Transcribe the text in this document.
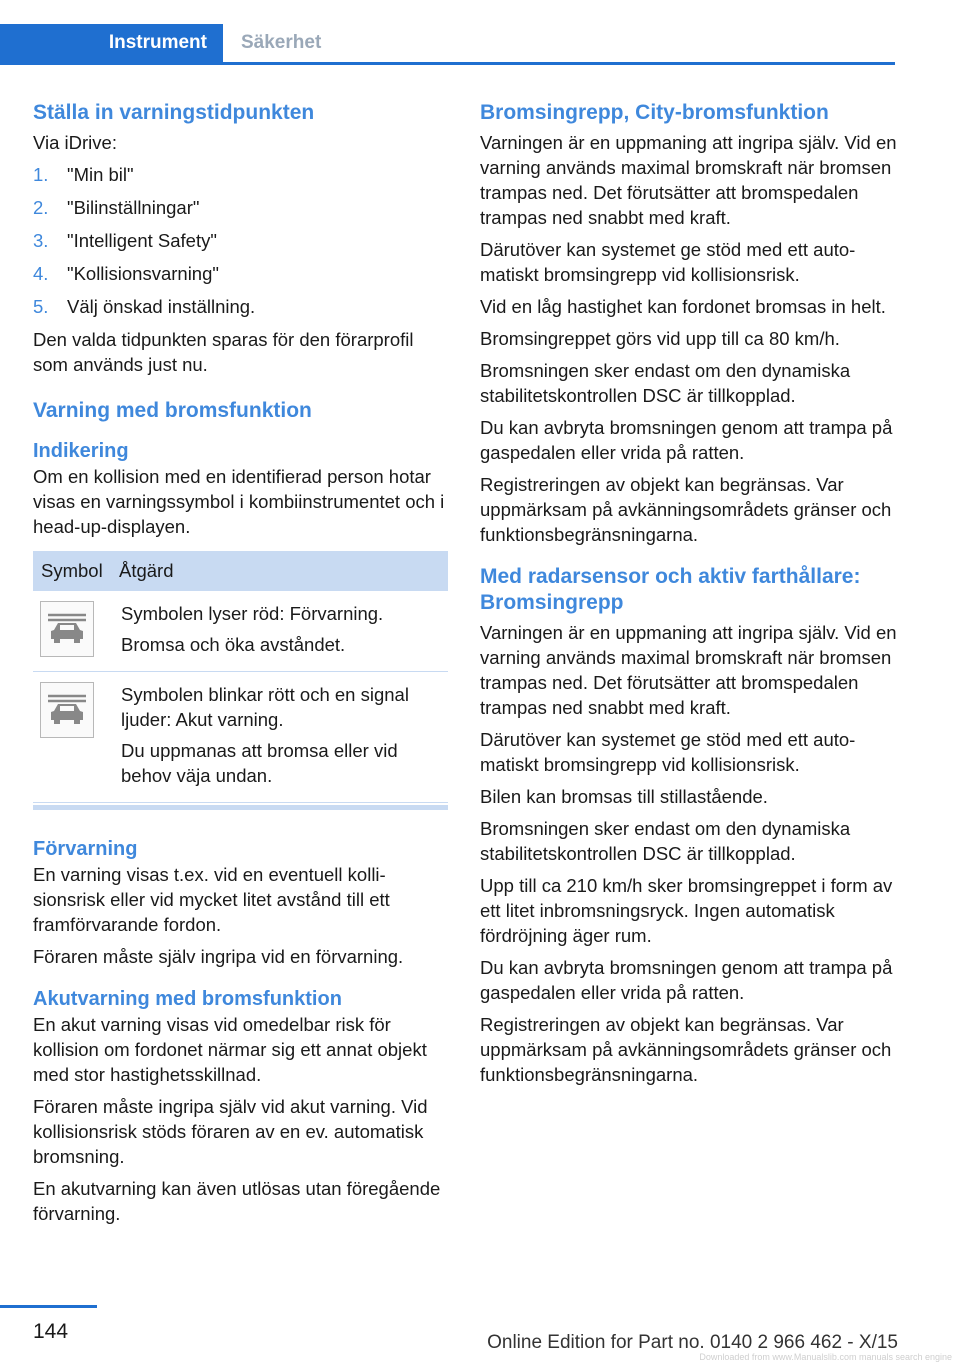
Instrument	Säkerhet
Ställa in varningstidpunkten

Via iDrive:

1.	"Min bil"
2.	"Bilinställningar"
3.	"Intelligent Safety"
4.	"Kollisionsvarning"
5.	Välj önskad inställning.

Den valda tidpunkten sparas för den förarprofil som används just nu.

Varning med bromsfunktion
Indikering

Om en kollision med en identifierad person hotar visas en varningssymbol i kombiinstrumentet och i head-up-displayen.

Symbol Åtgärd

Symbolen lyser röd: Förvarning.

Bromsa och öka avståndet.

Symbolen blinkar rött och en signal ljuder: Akut varning.

Du uppmanas att bromsa eller vid behov väja undan.

Förvarning

En varning visas t.ex. vid en eventuell kollisionsrisk eller vid mycket litet avstånd till ett framförvarande fordon.

Föraren måste själv ingripa vid en förvarning.

Akutvarning med bromsfunktion

En akut varning visas vid omedelbar risk för kollision om fordonet närmar sig ett annat objekt med stor hastighetsskillnad.

Föraren måste ingripa själv vid akut varning. Vid kollisionsrisk stöds föraren av en ev. automatisk bromsning.

En akutvarning kan även utlösas utan föregående förvarning.

Bromsingrepp, City-bromsfunktion

Varningen är en uppmaning att ingripa själv. Vid en varning används maximal bromskraft när bromsen trampas ned. Det förutsätter att bromspedalen trampas ned snabbt med kraft.

Därutöver kan systemet ge stöd med ett automatiskt bromsingrepp vid kollisionsrisk.

Vid en låg hastighet kan fordonet bromsas in helt.

Bromsingreppet görs vid upp till ca 80 km/h.

Bromsningen sker endast om den dynamiska stabilitetskontrollen DSC är tillkopplad.

Du kan avbryta bromsningen genom att trampa på gaspedalen eller vrida på ratten.

Registreringen av objekt kan begränsas. Var uppmärksam på avkänningsområdets gränser och funktionsbegränsningarna.

Med radarsensor och aktiv farthållare: Bromsingrepp

Varningen är en uppmaning att ingripa själv. Vid en varning används maximal bromskraft när bromsen trampas ned. Det förutsätter att bromspedalen trampas ned snabbt med kraft.

Därutöver kan systemet ge stöd med ett automatiskt bromsingrepp vid kollisionsrisk.

Bilen kan bromsas till stillastående.

Bromsningen sker endast om den dynamiska stabilitetskontrollen DSC är tillkopplad.

Upp till ca 210 km/h sker bromsingreppet i form av ett litet inbromsningsryck. Ingen automatisk fördröjning äger rum.

Du kan avbryta bromsningen genom att trampa på gaspedalen eller vrida på ratten.

Registreringen av objekt kan begränsas. Var uppmärksam på avkänningsområdets gränser och funktionsbegränsningarna.

144
Downloaded from www.Manualslib.com manuals search engine
Online Edition for Part no. 0140 2 966 462 - X/15
